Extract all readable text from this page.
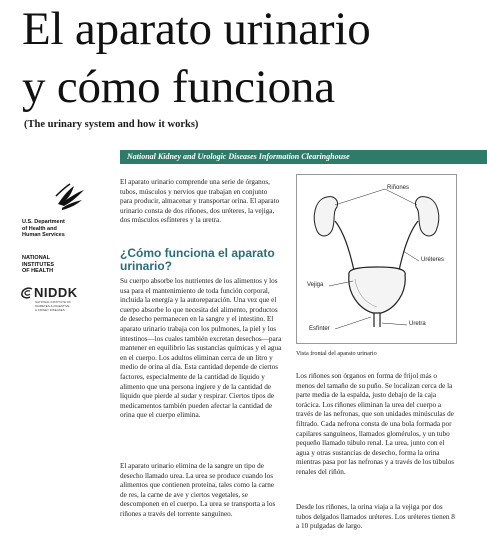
El aparato urinario
y cómo funciona
(The urinary system and how it works)
National Kidney and Urologic Diseases Information Clearinghouse
U.S. Department
of Health and
Human Services
NATIONAL
INSTITUTES
OF HEALTH
NIDDK
NATIONAL INSTITUTE OF
DIABETES & DIGESTIVE
& KIDNEY DISEASES
El aparato urinario comprende una serie de órganos, tubos, músculos y nervios que trabajan en conjunto para producir, almacenar y transportar orina. El aparato urinario consta de dos riñones, dos uréteres, la vejiga, dos músculos esfínteres y la uretra.
¿Cómo funciona el aparato urinario?
Su cuerpo absorbe los nutrientes de los alimentos y los usa para el mantenimiento de toda función corporal, incluida la energía y la autoreparación. Una vez que el cuerpo absorbe lo que necesita del alimento, productos de desecho permanecen en la sangre y el intestino. El aparato urinario trabaja con los pulmones, la piel y los intestinos—los cuales también excretan desechos—para mantener en equilibrio las sustancias químicas y el agua en el cuerpo. Los adultos eliminan cerca de un litro y medio de orina al día. Esta cantidad depende de ciertos factores, especialmente de la cantidad de líquido y alimento que una persona ingiere y de la cantidad de líquido que pierde al sudar y respirar. Ciertos tipos de medicamentos también pueden afectar la cantidad de orina que el cuerpo elimina.
El aparato urinario elimina de la sangre un tipo de desecho llamado urea. La urea se produce cuando los alimentos que contienen proteína, tales como la carne de res, la carne de ave y ciertos vegetales, se descomponen en el cuerpo. La urea se transporta a los riñones a través del torrente sanguíneo.
Riñones
Uréteres
Vejiga
Uretra
Esfínter
Vista frontal del aparato urinario
Los riñones son órganos en forma de frijol más o menos del tamaño de su puño. Se localizan cerca de la parte media de la espalda, justo debajo de la caja torácica. Los riñones eliminan la urea del cuerpo a través de las nefronas, que son unidades minúsculas de filtrado. Cada nefrona consta de una bola formada por capilares sanguíneos, llamados glomérulos, y un tubo pequeño llamado túbulo renal. La urea, junto con el agua y otras sustancias de desecho, forma la orina mientras pasa por las nefronas y a través de los túbulos renales del riñón.
Desde los riñones, la orina viaja a la vejiga por dos tubos delgados llamados uréteres. Los uréteres tienen 8 a 10 pulgadas de largo.
